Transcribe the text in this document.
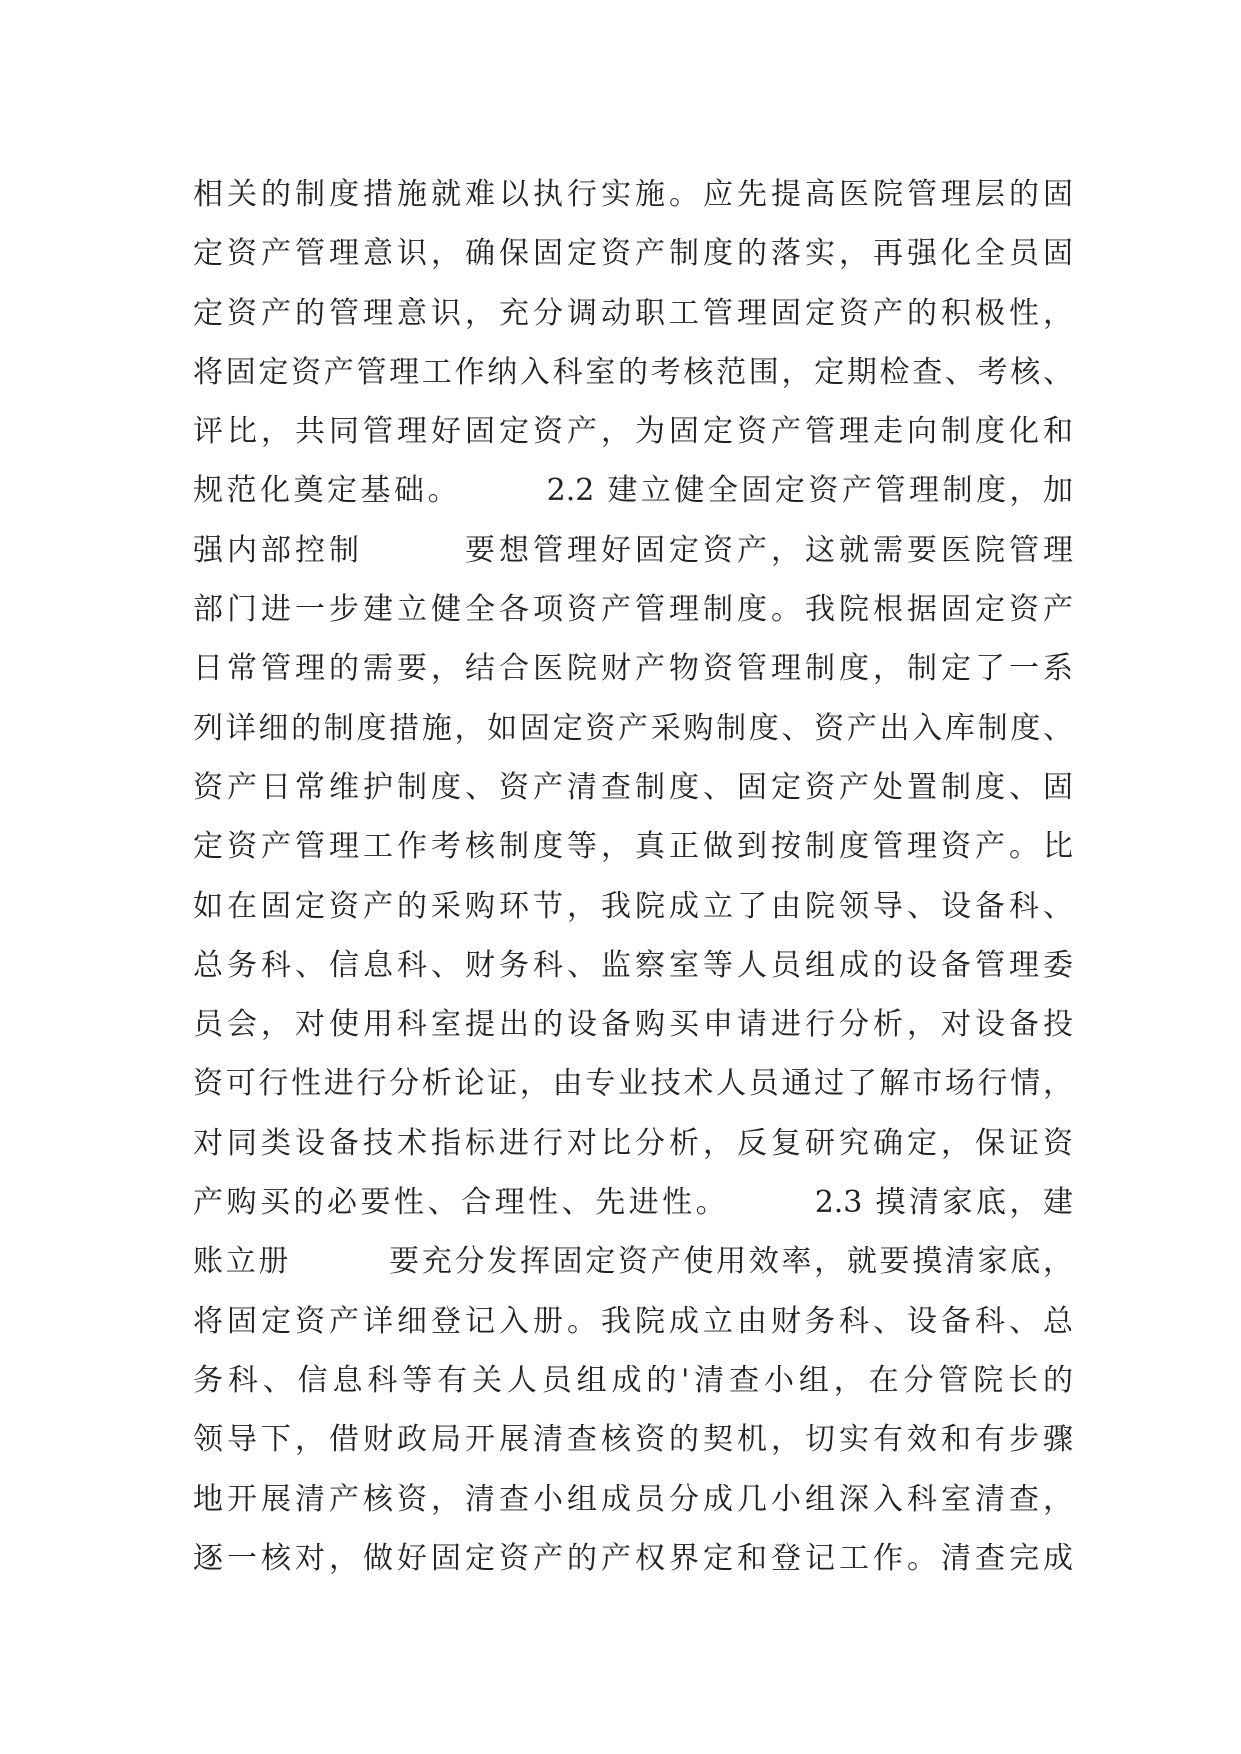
相关的制度措施就难以执行实施。应先提高医院管理层的固
定资产管理意识，确保固定资产制度的落实，再强化全员固
定资产的管理意识，充分调动职工管理固定资产的积极性，
将固定资产管理工作纳入科室的考核范围，定期检查、考核、
评比，共同管理好固定资产，为固定资产管理走向制度化和
规范化奠定基础。　　　2.2 建立健全固定资产管理制度，加
强内部控制　　　要想管理好固定资产，这就需要医院管理
部门进一步建立健全各项资产管理制度。我院根据固定资产
日常管理的需要，结合医院财产物资管理制度，制定了一系
列详细的制度措施，如固定资产采购制度、资产出入库制度、
资产日常维护制度、资产清查制度、固定资产处置制度、固
定资产管理工作考核制度等，真正做到按制度管理资产。比
如在固定资产的采购环节，我院成立了由院领导、设备科、
总务科、信息科、财务科、监察室等人员组成的设备管理委
员会，对使用科室提出的设备购买申请进行分析，对设备投
资可行性进行分析论证，由专业技术人员通过了解市场行情，
对同类设备技术指标进行对比分析，反复研究确定，保证资
产购买的必要性、合理性、先进性。　　　2.3 摸清家底，建
账立册　　　要充分发挥固定资产使用效率，就要摸清家底，
将固定资产详细登记入册。我院成立由财务科、设备科、总
务科、信息科等有关人员组成的'清查小组，在分管院长的
领导下，借财政局开展清查核资的契机，切实有效和有步骤
地开展清产核资，清查小组成员分成几小组深入科室清查，
逐一核对，做好固定资产的产权界定和登记工作。清查完成
